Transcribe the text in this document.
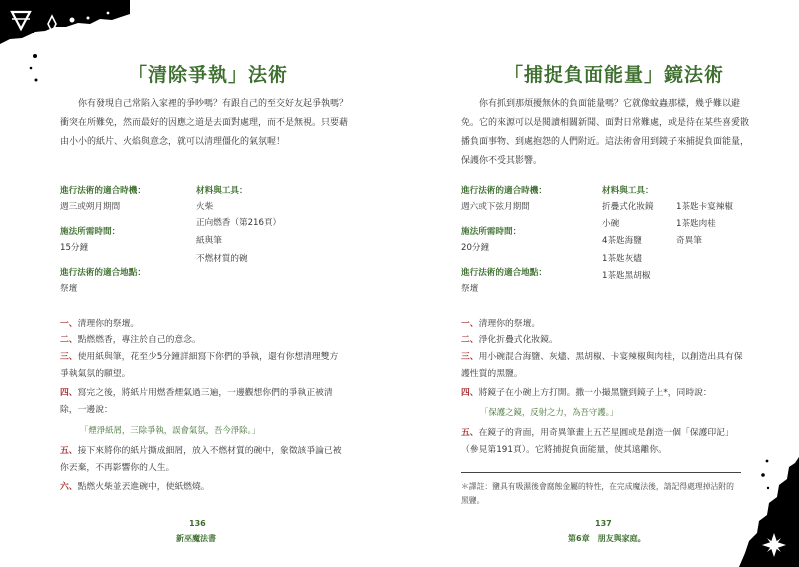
「清除爭執」法術
你有發現自己常陷入家裡的爭吵嗎？有跟自己的至交好友起爭執嗎？衝突在所難免，然而最好的因應之道是去面對處理，而不是無視。只要藉由小小的紙片、火焰與意念，就可以清理僵化的氣氛喔！
進行法術的適合時機：
週三或朔月期間
施法所需時間：
15分鐘
進行法術的適合地點：
祭壇
材料與工具：
火柴
正向燃香（第216頁）
紙與筆
不燃材質的碗
一、清理你的祭壇。
二、點燃燃香，專注於自己的意念。
三、使用紙與筆，花至少5分鐘詳細寫下你們的爭執，還有你想清理雙方爭執氣氛的願望。
四、寫完之後，將紙片用燃香煙氣過三遍，一邊觀想你們的爭執正被清除，一邊說：
「煙淨紙屑，三除爭執，誤會氣氛，吾今淨除。」
五、接下來將你的紙片撕成細屑，放入不燃材質的碗中，象徵該爭論已被你丟棄，不再影響你的人生。
六、點燃火柴並丟進碗中，使紙燃燒。
136
新巫魔法書
「捕捉負面能量」鏡法術
你有抓到那煩擾無休的負面能量嗎？它就像蚊蟲那樣，幾乎難以避免。它的來源可以是閱讀相關新聞、面對日常難處，或是待在某些喜愛散播負面事物、到處抱怨的人們附近。這法術會用到鏡子來捕捉負面能量，保護你不受其影響。
進行法術的適合時機：
週六或下弦月期間
施法所需時間：
20分鐘
進行法術的適合地點：
祭壇
材料與工具：
折疊式化妝鏡
小碗
4茶匙海鹽
1茶匙灰燼
1茶匙黑胡椒
1茶匙卡宴辣椒
1茶匙肉桂
奇異筆
一、清理你的祭壇。
二、淨化折疊式化妝鏡。
三、用小碗混合海鹽、灰燼、黑胡椒、卡宴辣椒與肉桂，以創造出具有保護性質的黑鹽。
四、將鏡子在小碗上方打開。撒一小撮黑鹽到鏡子上*，同時說：
「保護之鏡，反射之力，為吾守護。」
五、在鏡子的背面，用奇異筆畫上五芒星圓或是創造一個「保護印記」（參見第191頁）。它將捕捉負面能量，使其遠離你。
＊譯註：鹽具有吸濕後會腐蝕金屬的特性，在完成魔法後，請記得處理掉沾附的黑鹽。
137
第6章　朋友與家庭。
